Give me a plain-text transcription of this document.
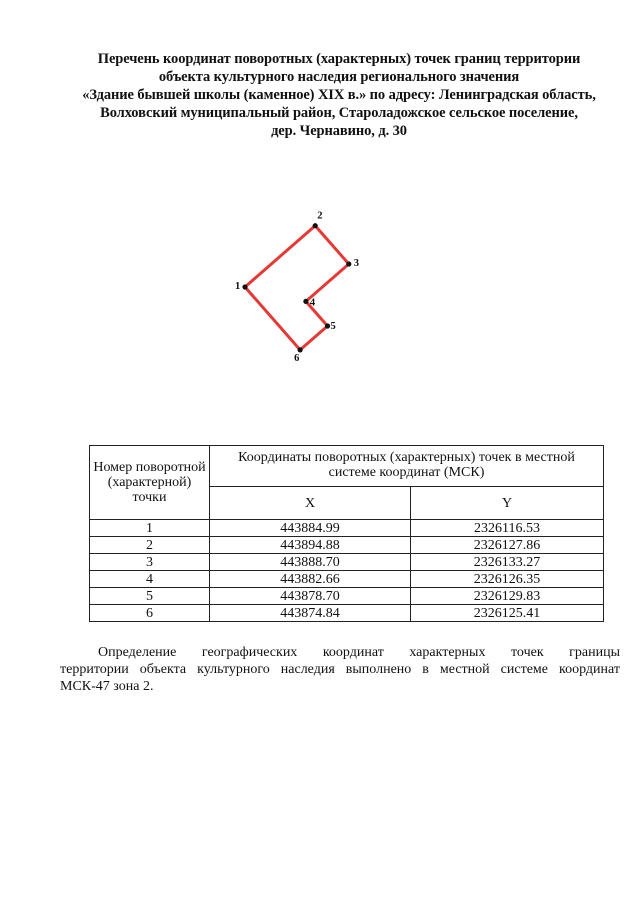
Перечень координат поворотных (характерных) точек границ территории
объекта культурного наследия регионального значения
«Здание бывшей школы (каменное) XIX в.» по адресу: Ленинградская область,
Волховский муниципальный район, Староладожское сельское поселение,
дер. Чернавино, д. 30
1
2
3
4
5
6
Номер поворотной (характерной) точки	Координаты поворотных (характерных) точек в местной системе координат (МСК)	
	X	Y
1	443884.99	2326116.53
2	443894.88	2326127.86
3	443888.70	2326133.27
4	443882.66	2326126.35
5	443878.70	2326129.83
6	443874.84	2326125.41
Определение географических координат характерных точек границы
территории объекта культурного наследия выполнено в местной системе координат
МСК-47 зона 2.
